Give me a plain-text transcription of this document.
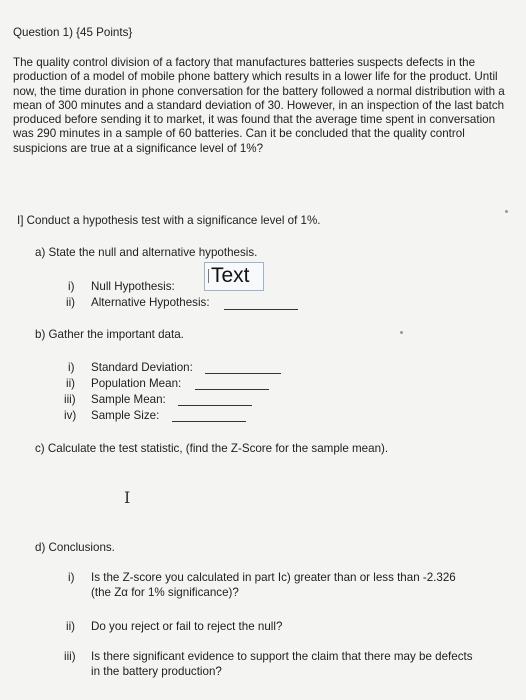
Question 1) {45 Points}
The quality control division of a factory that manufactures batteries suspects defects in the production of a model of mobile phone battery which results in a lower life for the product. Until now, the time duration in phone conversation for the battery followed a normal distribution with a mean of 300 minutes and a standard deviation of 30. However, in an inspection of the last batch produced before sending it to market, it was found that the average time spent in conversation was 290 minutes in a sample of 60 batteries. Can it be concluded that the quality control suspicions are true at a significance level of 1%?
I] Conduct a hypothesis test with a significance level of 1%.
a) State the null and alternative hypothesis.
i) Null Hypothesis: Text
ii) Alternative Hypothesis:
b) Gather the important data.
i) Standard Deviation:
ii) Population Mean:
iii) Sample Mean:
iv) Sample Size:
c) Calculate the test statistic, (find the Z-Score for the sample mean).
I
d) Conclusions.
i) Is the Z-score you calculated in part Ic) greater than or less than -2.326
(the Zα for 1% significance)?
ii) Do you reject or fail to reject the null?
iii) Is there significant evidence to support the claim that there may be defects
in the battery production?
